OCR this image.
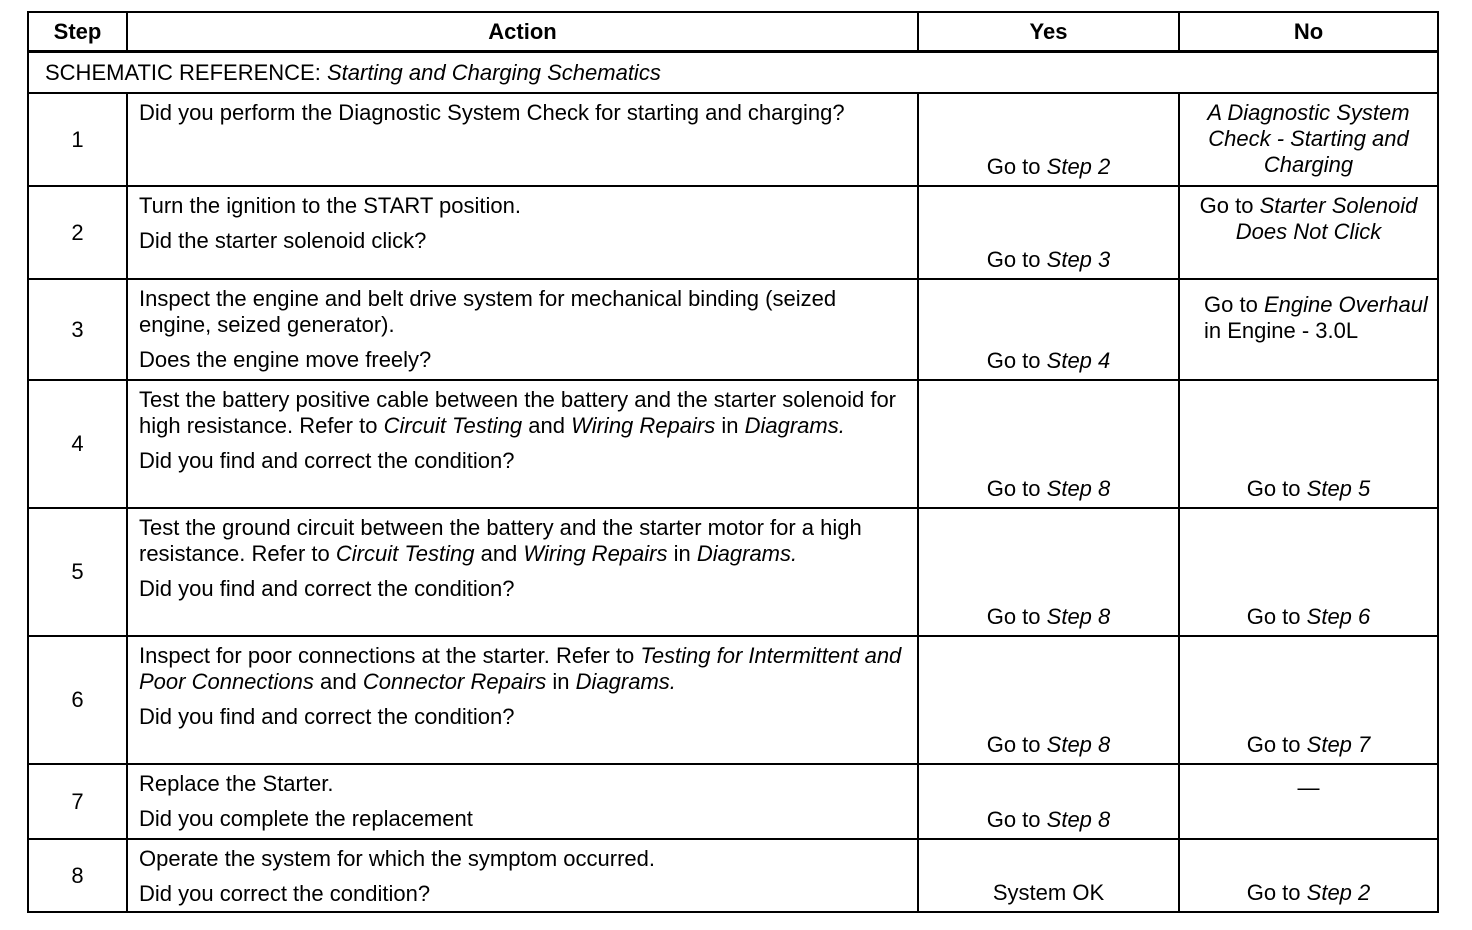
Step	Action	Yes	No
SCHEMATIC REFERENCE: Starting and Charging Schematics			
1	Did you perform the Diagnostic System Check for starting and charging?	Go to Step 2	A Diagnostic System Check - Starting and Charging
2	Turn the ignition to the START position.

Did the starter solenoid click?	Go to Step 3	Go to Starter Solenoid Does Not Click
3	Inspect the engine and belt drive system for mechanical binding (seized engine, seized generator).

Does the engine move freely?	Go to Step 4	Go to Engine Overhaul in Engine - 3.0L
4	Test the battery positive cable between the battery and the starter solenoid for high resistance. Refer to Circuit Testing and Wiring Repairs in Diagrams.

Did you find and correct the condition?	Go to Step 8	Go to Step 5
5	Test the ground circuit between the battery and the starter motor for a high resistance. Refer to Circuit Testing and Wiring Repairs in Diagrams.

Did you find and correct the condition?	Go to Step 8	Go to Step 6
6	Inspect for poor connections at the starter. Refer to Testing for Intermittent and Poor Connections and Connector Repairs in Diagrams.

Did you find and correct the condition?	Go to Step 8	Go to Step 7
7	Replace the Starter.

Did you complete the replacement	Go to Step 8	—
8	Operate the system for which the symptom occurred.

Did you correct the condition?	System OK	Go to Step 2
